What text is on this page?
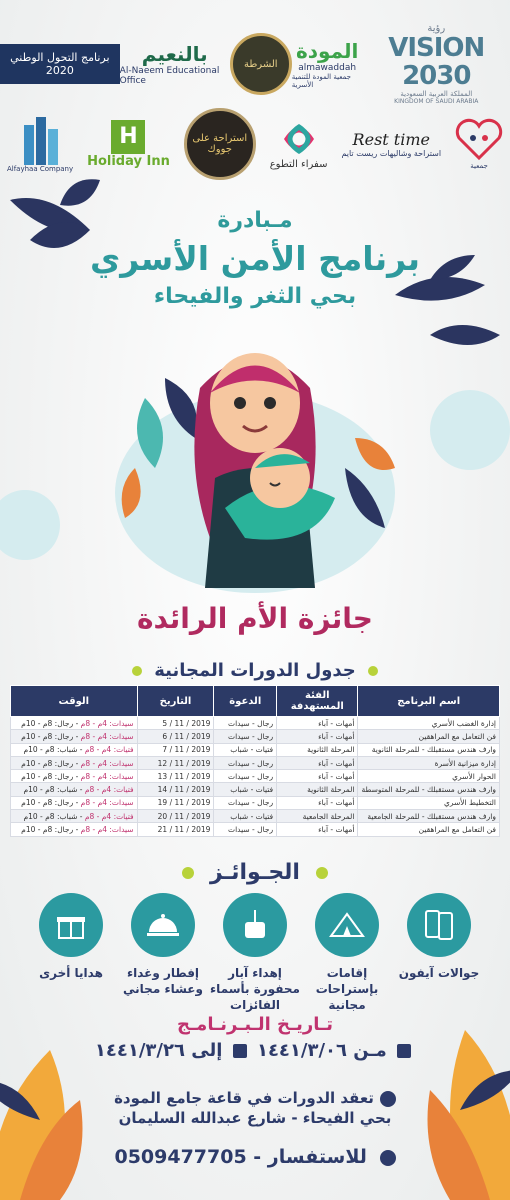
برنامج التحول الوطني 2020
بالنعيم
Al-Naeem Educational Office
الشرطة
المودة
almawaddah
جمعية المودة للتنمية الأسرية
رؤية
VISION 2030
المملكة العربية السعودية
KINGDOM OF SAUDI ARABIA
Alfayhaa Company
H
Holiday Inn
استراحة على جووك
سفراء التطوع
Rest time
استراحة وشاليهات ريست تايم
جمعية
مـبادرة
برنامج الأمن الأسري
بحي الثغر والفيحاء
جائزة الأم الرائدة
جدول الدورات المجانية
اسم البرنامج	الفئة المستهدفة	الدعوة	التاريخ	الوقت
إدارة الغضب الأسري	أمهات - آباء	رجال - سيدات	2019 / 11 / 5	سيدات: 4م - 8م - رجال: 8م - 10م
فن التعامل مع المراهقين	أمهات - آباء	رجال - سيدات	2019 / 11 / 6	سيدات: 4م - 8م - رجال: 8م - 10م
وارف هندس مستقبلك - للمرحلة الثانوية	المرحلة الثانوية	فتيات - شباب	2019 / 11 / 7	فتيات: 4م - 8م - شباب: 8م - 10م
إدارة ميزانية الأسرة	أمهات - آباء	رجال - سيدات	2019 / 11 / 12	سيدات: 4م - 8م - رجال: 8م - 10م
الحوار الأسري	أمهات - آباء	رجال - سيدات	2019 / 11 / 13	سيدات: 4م - 8م - رجال: 8م - 10م
وارف هندس مستقبلك - للمرحلة المتوسطة	المرحلة الثانوية	فتيات - شباب	2019 / 11 / 14	فتيات: 4م - 8م - شباب: 8م - 10م
التخطيط الأسري	أمهات - آباء	رجال - سيدات	2019 / 11 / 19	سيدات: 4م - 8م - رجال: 8م - 10م
وارف هندس مستقبلك - للمرحلة الجامعية	المرحلة الجامعية	فتيات - شباب	2019 / 11 / 20	فتيات: 4م - 8م - شباب: 8م - 10م
فن التعامل مع المراهقين	أمهات - آباء	رجال - سيدات	2019 / 11 / 21	سيدات: 4م - 8م - رجال: 8م - 10م
الجـوائـز
جوالات آيفون
إقامات بإستراحات مجانية
إهداء آبار محفورة بأسماء الفائزات
إفطار وغداء وعشاء مجاني
هدايا أخرى
تـاريـخ الـبـرنـامـج
مـن ١٤٤١/٣/٠٦  إلى ١٤٤١/٣/٢٦
تعقد الدورات في قاعة جامع المودة
بحي الفيحاء - شارع عبدالله السليمان
للاستفسار - 0509477705
